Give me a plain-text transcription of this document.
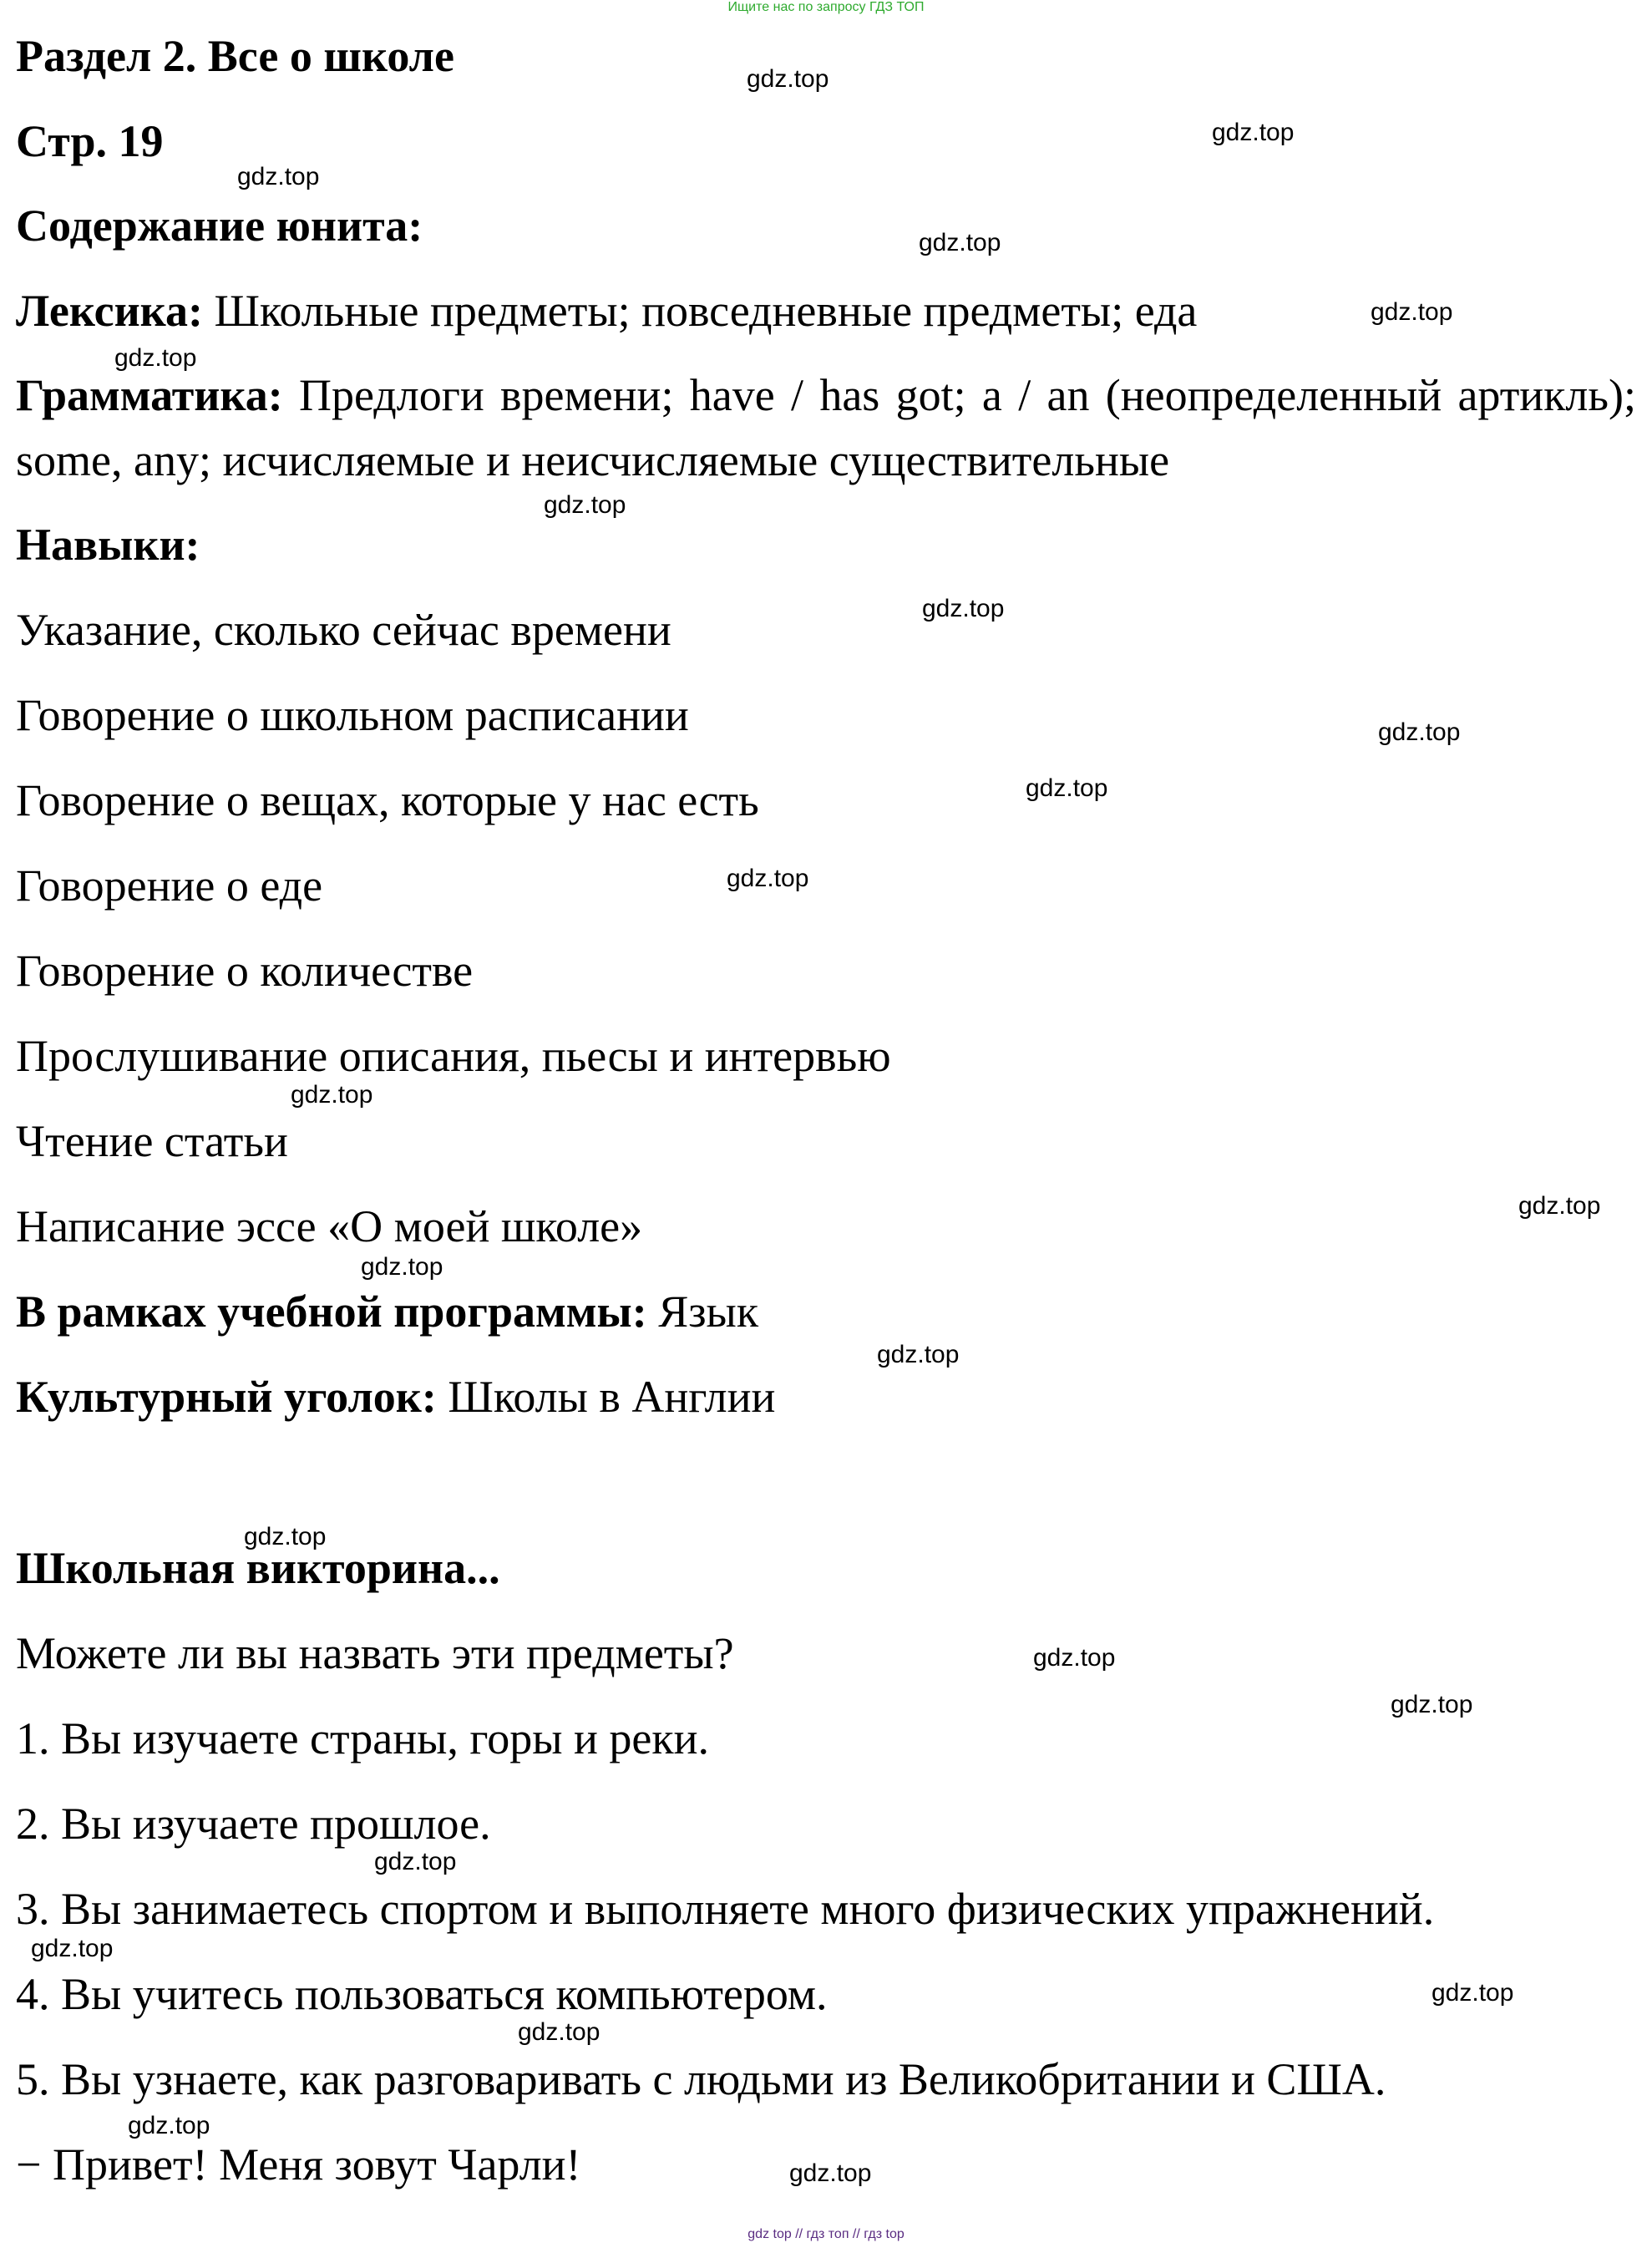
Ищите нас по запросу ГДЗ ТОП
Раздел 2. Все о школе
Стр. 19
Содержание юнита:
Лексика: Школьные предметы; повседневные предметы; еда
Грамматика: Предлоги времени; have / has got; a / an (неопределенный артикль); some, any; исчисляемые и неисчисляемые существительные
Навыки:
Указание, сколько сейчас времени
Говорение о школьном расписании
Говорение о вещах, которые у нас есть
Говорение о еде
Говорение о количестве
Прослушивание описания, пьесы и интервью
Чтение статьи
Написание эссе «О моей школе»
В рамках учебной программы: Язык
Культурный уголок: Школы в Англии
Школьная викторина...
Можете ли вы назвать эти предметы?
1. Вы изучаете страны, горы и реки.
2. Вы изучаете прошлое.
3. Вы занимаетесь спортом и выполняете много физических упражнений.
4. Вы учитесь пользоваться компьютером.
5. Вы узнаете, как разговаривать с людьми из Великобритании и США.
− Привет! Меня зовут Чарли!
gdz.top
gdz.top
gdz.top
gdz.top
gdz.top
gdz.top
gdz.top
gdz.top
gdz.top
gdz.top
gdz.top
gdz.top
gdz.top
gdz.top
gdz.top
gdz.top
gdz.top
gdz.top
gdz.top
gdz.top
gdz.top
gdz.top
gdz.top
gdz.top
gdz top // гдз топ // гдз top
